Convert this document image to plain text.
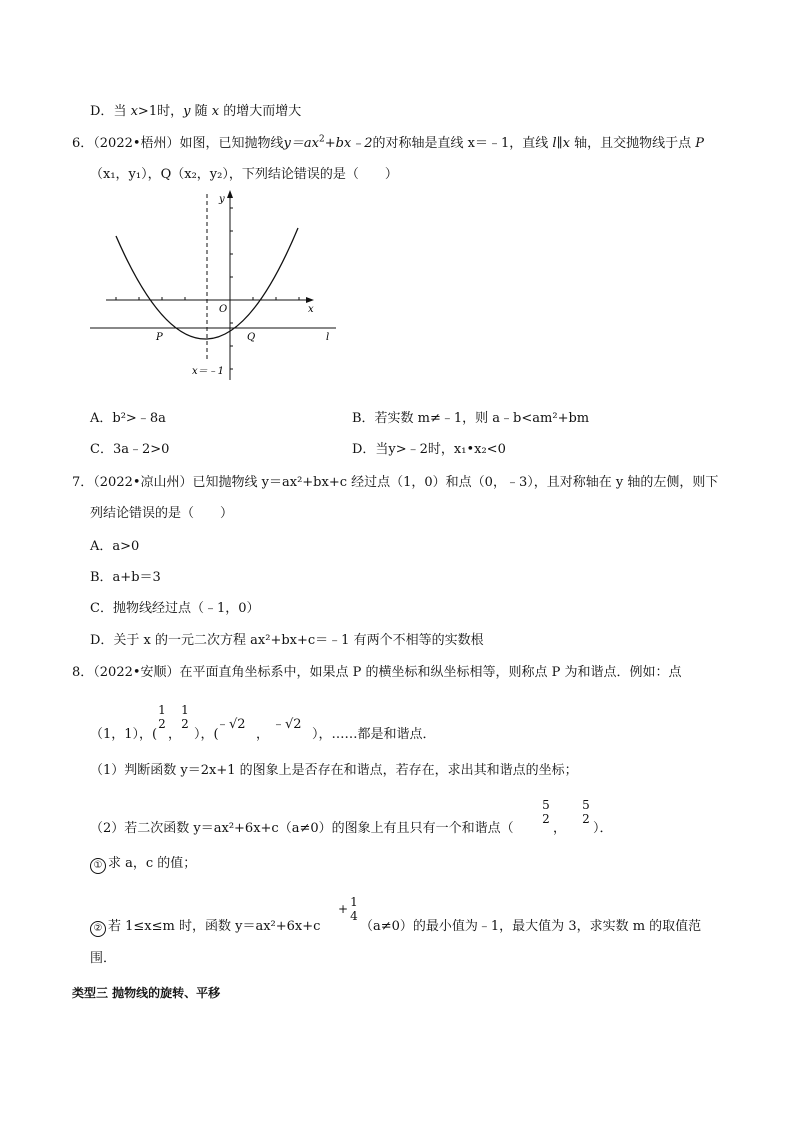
D．当 x>1时，y 随 x 的增大而增大
6．（2022•梧州）如图，已知抛物线$y=ax^2+bx﹣2$的对称轴是直线 x＝﹣1，直线 l∥x 轴，且交抛物线于点 P
（x₁，y₁），Q（x₂，y₂），下列结论错误的是（　　）
y
x
O
P	Q	l
x＝﹣1
A．b²>﹣8a	B．若实数 m≠﹣1，则 a﹣b<am²+bm
C．3a﹣2>0	D．当y>﹣2时，x₁•x₂<0
7．（2022•凉山州）已知抛物线 y＝ax²+bx+c 经过点（1，0）和点（0，﹣3），且对称轴在 y 轴的左侧，则下
列结论错误的是（　　）
A．a>0
B．a+b＝3
C．抛物线经过点（﹣1，0）
D．关于 x 的一元二次方程 ax²+bx+c＝﹣1 有两个不相等的实数根
8．（2022•安顺）在平面直角坐标系中，如果点 P 的横坐标和纵坐标相等，则称点 P 为和谐点．例如：点
（1，1），(
1
2
，
1
2
），(
﹣√2
，
﹣√2
），……都是和谐点．
（1）判断函数 y＝2x+1 的图象上是否存在和谐点，若存在，求出其和谐点的坐标；
（2）若二次函数 y＝ax²+6x+c（a≠0）的图象上有且只有一个和谐点（
5
2
，
5
2
）．
① 求 a，c 的值；
② 若 1≤x≤m 时，函数 y＝ax²+6x+c
+ 1
4
（a≠0）的最小值为﹣1，最大值为 3，求实数 m 的取值范
围．
类型三 抛物线的旋转、平移
